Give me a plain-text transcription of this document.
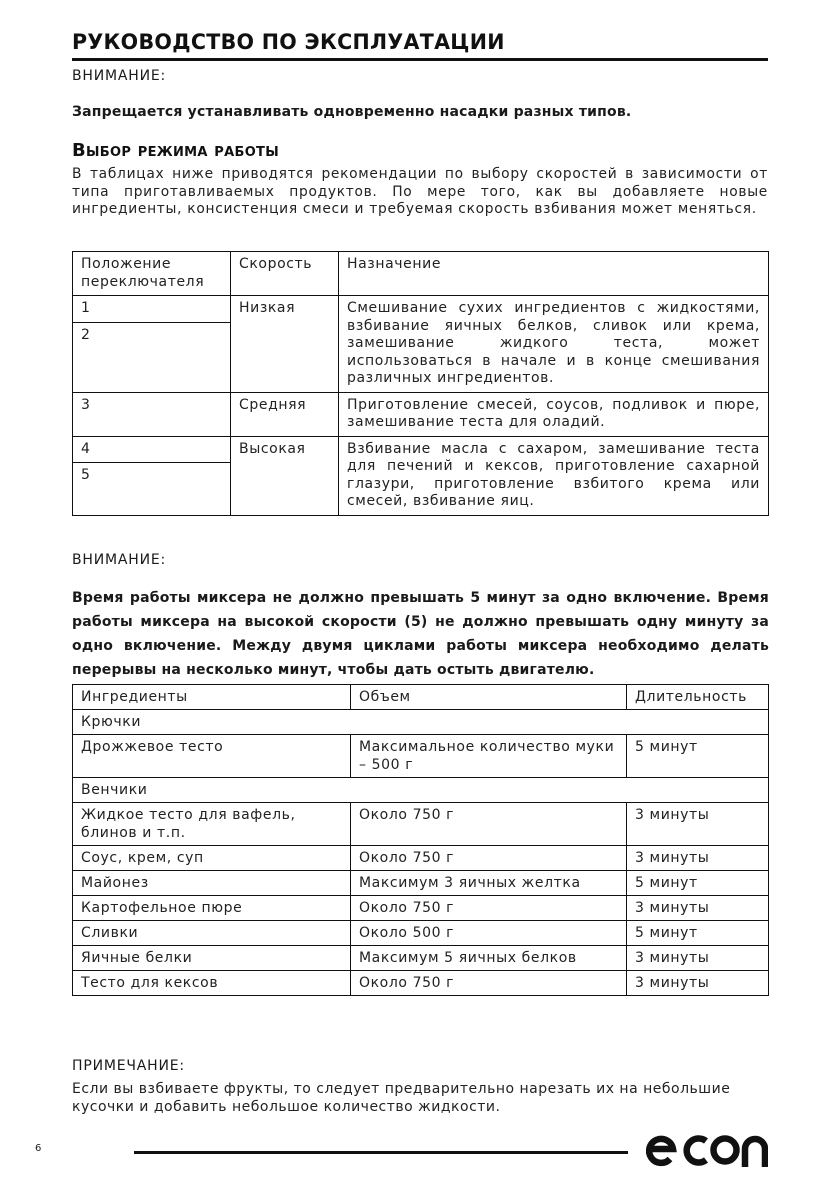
РУКОВОДСТВО ПО ЭКСПЛУАТАЦИИ
ВНИМАНИЕ:
Запрещается устанавливать одновременно насадки разных типов.
Выбор режима работы
В таблицах ниже приводятся рекомендации по выбору скоростей в зависимости от типа приготавливаемых продуктов. По мере того, как вы добавляете новые ингредиенты, консистенция смеси и требуемая скорость взбивания может меняться.
Положение переключателя	Скорость	Назначение
1	Низкая	Смешивание сухих ингредиентов с жидкостями, взбивание яичных белков, сливок или крема, замешивание жидкого теста, может использоваться в начале и в конце смешивания различных ингредиентов.
2		
3	Средняя	Приготовление смесей, соусов, подливок и пюре, замешивание теста для оладий.
4	Высокая	Взбивание масла с сахаром, замешивание теста для печений и кексов, приготовление сахарной глазури, приготовление взбитого крема или смесей, взбивание яиц.
5		
ВНИМАНИЕ:
Время работы миксера не должно превышать 5 минут за одно включение. Время работы миксера на высокой скорости (5) не должно превышать одну минуту за одно включение. Между двумя циклами работы миксера необходимо делать перерывы на несколько минут, чтобы дать остыть двигателю.
Ингредиенты	Объем	Длительность
Крючки		
Дрожжевое тесто	Максимальное количество муки – 500 г	5 минут
Венчики		
Жидкое тесто для вафель, блинов и т.п.	Около 750 г	3 минуты
Соус, крем, суп	Около 750 г	3 минуты
Майонез	Максимум 3 яичных желтка	5 минут
Картофельное пюре	Около 750 г	3 минуты
Сливки	Около 500 г	5 минут
Яичные белки	Максимум 5 яичных белков	3 минуты
Тесто для кексов	Около 750 г	3 минуты
ПРИМЕЧАНИЕ:
Если вы взбиваете фрукты, то следует предварительно нарезать их на небольшие кусочки и добавить небольшое количество жидкости.
6
